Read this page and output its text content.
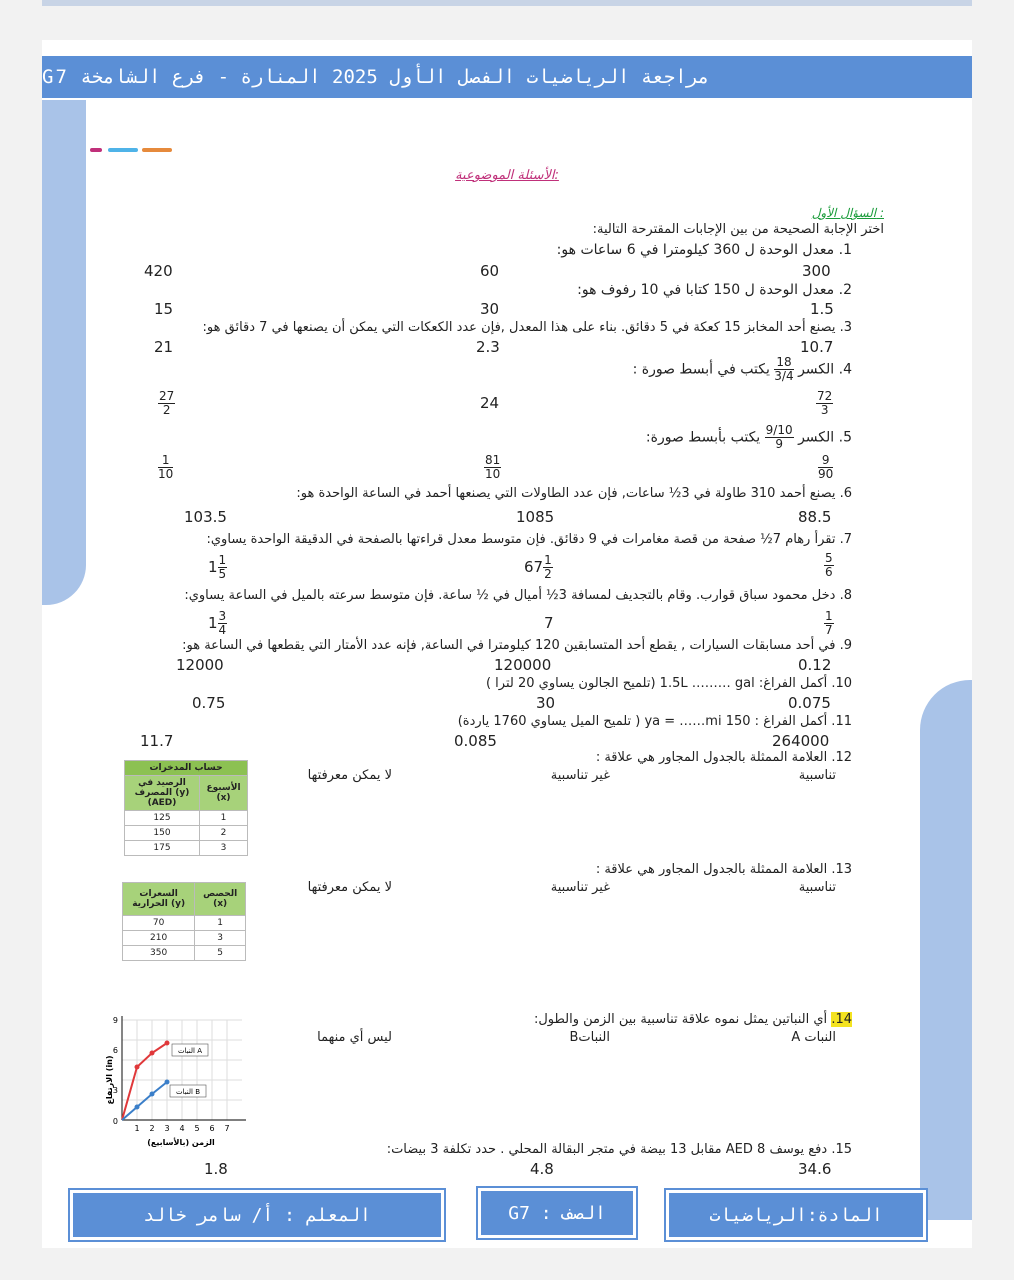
مراجعة الرياضيات الفصل الأول 2025 المنارة - فرع الشامخة G7
الأسئلة الموضوعية:
السؤال الأول :
اختر الإجابة الصحيحة من بين الإجابات المقترحة التالية:
1. معدل الوحدة ل 360 كيلومترا في 6 ساعات هو:
300
60
420
2. معدل الوحدة ل 150 كتابا في 10 رفوف هو:
1.5
30
15
3. يصنع أحد المخابز 15 كعكة في 5 دقائق. بناء على هذا المعدل ,فإن عدد الكعكات التي يمكن أن يصنعها في 7 دقائق هو:
10.7
2.3
21
4. الكسر
$\frac{18}{3/4}$
يكتب في أبسط صورة :
$\frac{72}{3}$
24
$\frac{27}{2}$
5. الكسر
$\frac{9/10}{9}$
يكتب بأبسط صورة:
$\frac{9}{90}$
$\frac{81}{10}$
$\frac{1}{10}$
6. يصنع أحمد 310 طاولة في 3½ ساعات, فإن عدد الطاولات التي يصنعها أحمد في الساعة الواحدة هو:
88.5
1085
103.5
7. تقرأ رهام 7½ صفحة من قصة مغامرات في 9 دقائق. فإن متوسط معدل قراءتها بالصفحة في الدقيقة الواحدة يساوي:
$\frac{5}{6}$
$67 \frac{1}{2}$
$1 \frac{1}{5}$
8. دخل محمود سباق قوارب. وقام بالتجديف لمسافة 3½ أميال في ½ ساعة. فإن متوسط سرعته بالميل في الساعة يساوي:
$\frac{1}{7}$
7
$1 \frac{3}{4}$
9. في أحد مسابقات السيارات , يقطع أحد المتسابقين 120 كيلومترا في الساعة, فإنه عدد الأمتار التي يقطعها في الساعة هو:
0.12
120000
12000
10. أكمل الفراغ: 1.5L ……… gal (تلميح الجالون يساوي 20 لترا )
0.075
30
0.75
11. أكمل الفراغ : 150 ya = ……mi ( تلميح الميل يساوي 1760 ياردة)
264000
0.085
11.7
12. العلامة الممثلة بالجدول المجاور هي علاقة :
تناسبية
غير تناسبية
لا يمكن معرفتها
حساب المدخرات	
الرصيد في المصرف (y) (AED)	الأسبوع (x)
125	1
150	2
175	3
13. العلامة الممثلة بالجدول المجاور هي علاقة :
تناسبية
غير تناسبية
لا يمكن معرفتها
السعرات الحرارية (y)	الحصص (x)
70	1
210	3
350	5
14. أي النباتين يمثل نموه علاقة تناسبية بين الزمن والطول:
النبات A
النباتB
ليس أي منهما
النبات A
النبات B
9
6
3
0
1 2 3 4 5 6 7
الزمن (بالأسابيع)
الارتفاع (in)
15. دفع يوسف AED 8 مقابل 13 بيضة في متجر البقالة المحلي . حدد تكلفة 3 بيضات:
34.6
4.8
1.8
المادة:الرياضيات
الصف : G7
المعلم : أ/ سامر خالد
